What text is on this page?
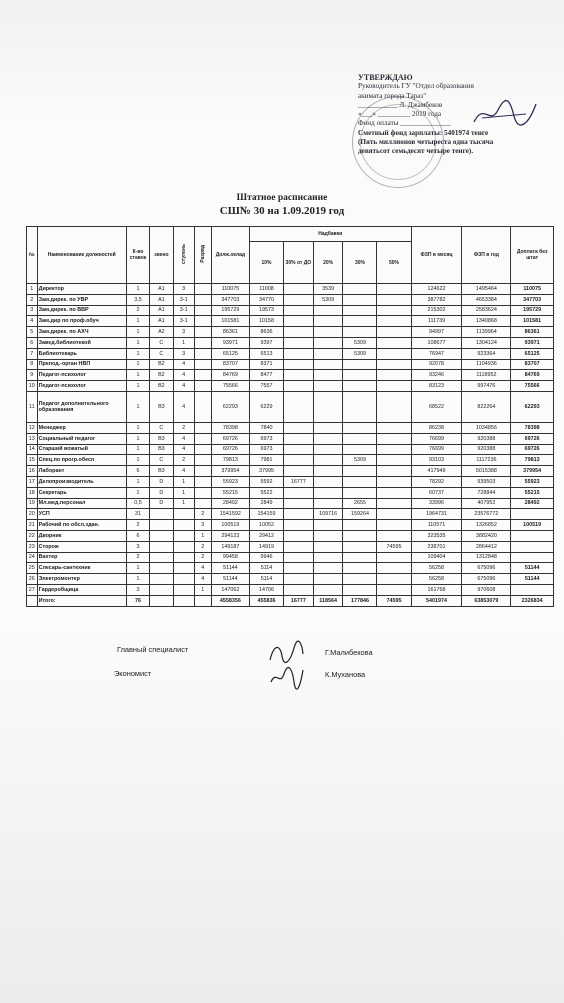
УТВЕРЖДАЮ
Руководитель ГУ "Отдел образования
акимата города Тараз"
___________ Л. Джамбеков
«___» _________ 2019 года
Фонд оплаты ______________
Сметный фонд зарплаты: 5401974 тенге
(Пять миллионов четыреста одна тысяча
девятьсот семьдесят четыре тенге).
Штатное расписание
СШ№ 30 на 1.09.2019 год
№	Наименование должностей	К-во ставок	звено	ступень	Разряд	Долж.оклад	Надбавки					ФЗП в месяц	ФЗП в год	Доплата без штат
							10%	30% от ДО	20%	30%	50%			
1	Директор	1	A1	3		110075	11008		3539			124622	1495464	110075
2	Зам.дирек. по УВР	3,5	A1	3-1		347703	34770		5309			387782	4653384	347703
3	Зам.дирек. по ВВР	2	A1	3-1		195729	19573					215302	2583624	195729
4	Зам.дир по проф.обуч	1	A1	3-1		101581	10158					111739	1340868	101581
5	Зам.дирек. по АХЧ	1	A2	3		86361	8636					94997	1139964	86361
6	Завед.библиотекой	1	C	1		93971	9397			5309		108677	1304124	93971
7	Библиотекарь	1	C	3		65125	6513			5309		76947	923364	65125
8	Препод.-орган НВП	1	B2	4		83707	8371					92078	1104936	83707
9	Педагог-психолог	1	B2	4		84769	8477					93246	1118952	84769
10	Педагог-психолог	1	B2	4		75566	7557					83123	997476	75566
11	Педагог дополнительного образования	1	B3	4		62293	6229					68522	822264	62293
12	Менеджер	1	C	2		78398	7840					86238	1034856	78398
13	Социальный педагог	1	B3	4		69726	6973					76699	920388	69726
14	Старший вожатый	1	B3	4		69726	6973					76699	920388	69726
15	Спец.по прогр.обесп	1	C	2		79813	7981			5309		93103	1117236	79813
16	Лаборант	6	B3	4		379954	37995					417949	5015388	379954
17	Делопроизводитель	1	D	1		55923	5592	16777				78292	939503	55923
18	Секретарь	1	D	1		55215	5522					60737	728844	55215
19	Мл.мед.персонал	0,5	D	1		28492	2849			2655		33996	407952	28492
20	УСП	31			2	1541592	154159		109716	159264		1964731	23576772	
21	Рабочий по обсл.здан.	2			3	100519	10052					110571	1326852	100519
22	Дворник	6			1	294123	29412					323535	3882420	
23	Сторож	3			2	149187	14919				74595	238701	2864412	
24	Вахтер	2			2	99458	9946					109404	1312848	
25	Слесарь-сантехник	1			4	51144	5114					56258	675096	51144
26	Электромонтер	1			4	51144	5114					56258	675096	51144
27	Гардеробщица	3			1	147062	14706					161768	970608	
	Итого:	76				4558356	455836	16777	118564	177846	74595	5401974	63853079	2326834
Главный специалист	Г.Малибекова
Экономист	К.Муханова
